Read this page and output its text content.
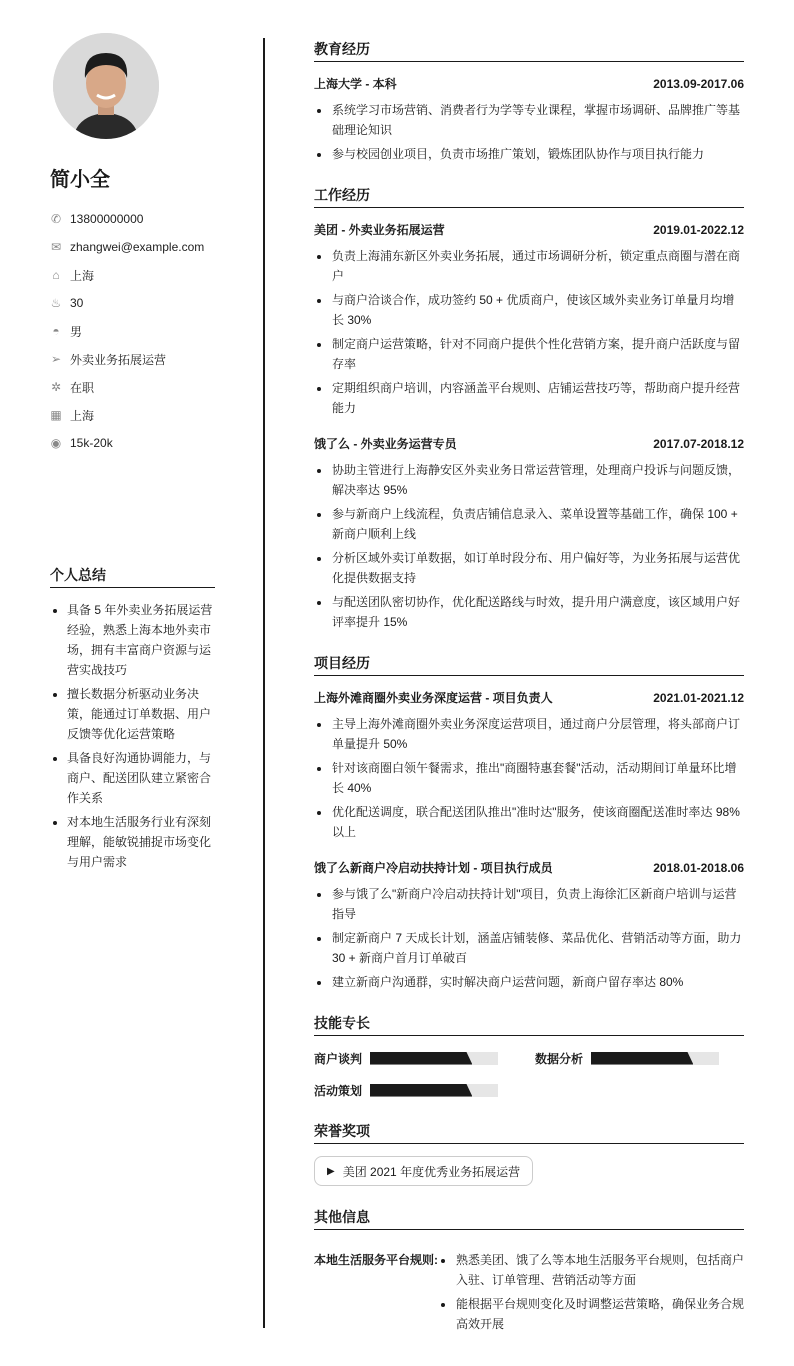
简小全
✆ 13800000000
✉ zhangwei@example.com
⌂ 上海
♨ 30
◓ 男
➢ 外卖业务拓展运营
✲ 在职
▦ 上海
◉ 15k-20k
个人总结
具备 5 年外卖业务拓展运营经验，熟悉上海本地外卖市场，拥有丰富商户资源与运营实战技巧
擅长数据分析驱动业务决策，能通过订单数据、用户反馈等优化运营策略
具备良好沟通协调能力，与商户、配送团队建立紧密合作关系
对本地生活服务行业有深刻理解，能敏锐捕捉市场变化与用户需求
教育经历
上海大学 - 本科	2013.09-2017.06
系统学习市场营销、消费者行为学等专业课程，掌握市场调研、品牌推广等基础理论知识
参与校园创业项目，负责市场推广策划，锻炼团队协作与项目执行能力
工作经历
美团 - 外卖业务拓展运营	2019.01-2022.12
负责上海浦东新区外卖业务拓展，通过市场调研分析，锁定重点商圈与潜在商户
与商户洽谈合作，成功签约 50 + 优质商户，使该区域外卖业务订单量月均增长 30%
制定商户运营策略，针对不同商户提供个性化营销方案，提升商户活跃度与留存率
定期组织商户培训，内容涵盖平台规则、店铺运营技巧等，帮助商户提升经营能力
饿了么 - 外卖业务运营专员	2017.07-2018.12
协助主管进行上海静安区外卖业务日常运营管理，处理商户投诉与问题反馈，解决率达 95%
参与新商户上线流程，负责店铺信息录入、菜单设置等基础工作，确保 100 + 新商户顺利上线
分析区域外卖订单数据，如订单时段分布、用户偏好等，为业务拓展与运营优化提供数据支持
与配送团队密切协作，优化配送路线与时效，提升用户满意度，该区域用户好评率提升 15%
项目经历
上海外滩商圈外卖业务深度运营 - 项目负责人	2021.01-2021.12
主导上海外滩商圈外卖业务深度运营项目，通过商户分层管理，将头部商户订单量提升 50%
针对该商圈白领午餐需求，推出"商圈特惠套餐"活动，活动期间订单量环比增长 40%
优化配送调度，联合配送团队推出"准时达"服务，使该商圈配送准时率达 98%以上
饿了么新商户冷启动扶持计划 - 项目执行成员	2018.01-2018.06
参与饿了么"新商户冷启动扶持计划"项目，负责上海徐汇区新商户培训与运营指导
制定新商户 7 天成长计划，涵盖店铺装修、菜品优化、营销活动等方面，助力 30 + 新商户首月订单破百
建立新商户沟通群，实时解决商户运营问题，新商户留存率达 80%
技能专长
商户谈判	数据分析
活动策划
荣誉奖项
▶ 美团 2021 年度优秀业务拓展运营
其他信息
本地生活服务平台规则:	熟悉美团、饿了么等本地生活服务平台规则，包括商户入驻、订单管理、营销活动等方面
能根据平台规则变化及时调整运营策略，确保业务合规高效开展
